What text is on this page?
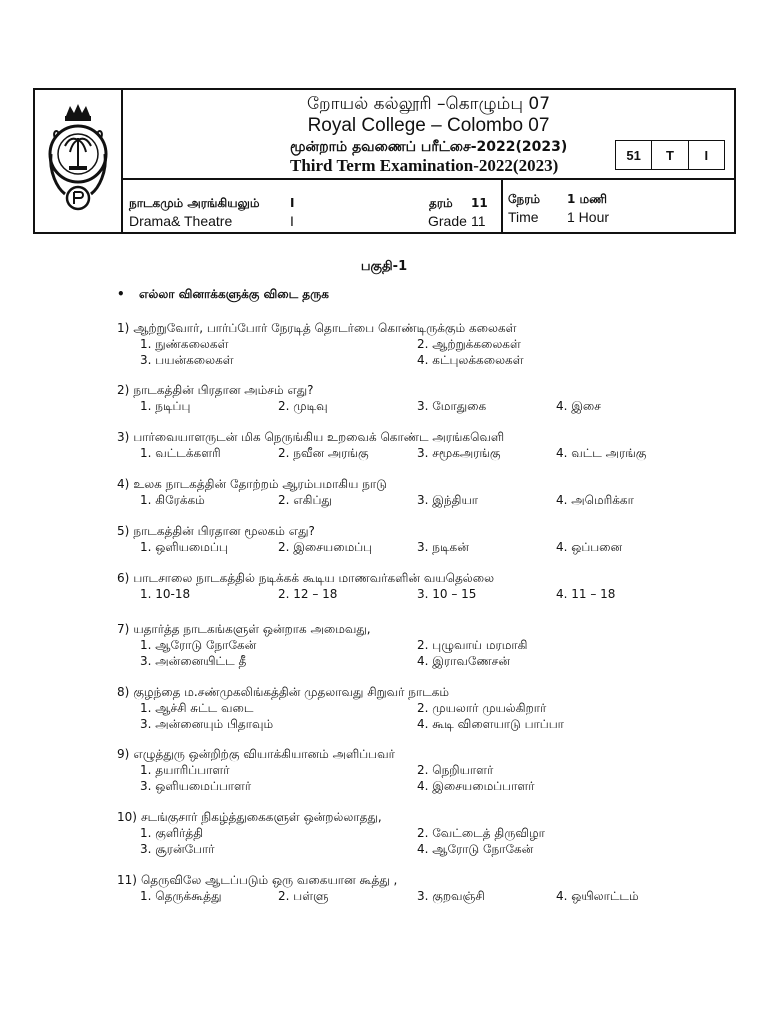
றோயல் கல்லூரி –கொழும்பு 07
Royal College – Colombo 07
மூன்றாம் தவணைப் பரீட்சை-2022(2023)
Third Term Examination-2022(2023)
51	T	I
நாடகமும் அரங்கியலும்
Drama& Theatre
I
I
தரம் 11
Grade 11
நேரம் 1 மணி
Time 1 Hour
பகுதி-1
• எல்லா வினாக்களுக்கு விடை தருக
1) ஆற்றுவோர், பார்ப்போர் நேரடித் தொடர்பை கொண்டிருக்கும் கலைகள்
1. நுண்கலைகள்	2. ஆற்றுக்கலைகள்
3. பயன்கலைகள்	4. கட்புலக்கலைகள்
2) நாடகத்தின் பிரதான அம்சம் எது?
1. நடிப்பு	2. முடிவு	3. மோதுகை	4. இசை
3) பார்வையாளருடன் மிக நெருங்கிய உறவைக் கொண்ட அரங்கவெளி
1. வட்டக்களரி	2. நவீன அரங்கு	3. சமூகஅரங்கு	4. வட்ட அரங்கு
4) உலக நாடகத்தின் தோற்றம் ஆரம்பமாகிய நாடு
1. கிரேக்கம்	2. எகிப்து	3. இந்தியா	4. அமெரிக்கா
5) நாடகத்தின் பிரதான மூலகம் எது?
1. ஒளியமைப்பு	2. இசையமைப்பு	3. நடிகன்	4. ஒப்பனை
6) பாடசாலை நாடகத்தில் நடிக்கக் கூடிய மாணவர்களின் வயதெல்லை
1. 10-18	2. 12 – 18	3. 10 – 15	4. 11 – 18
7) யதார்த்த நாடகங்களுள் ஒன்றாக அமைவது,
1. ஆரோடு நோகேன்	2. புழுவாய் மரமாகி
3. அன்னையிட்ட தீ	4. இராவணேசன்
8) குழந்தை ம.சண்முகலிங்கத்தின் முதலாவது சிறுவர் நாடகம்
1. ஆச்சி சுட்ட வடை	2. முயலார் முயல்கிறார்
3. அன்னையும் பிதாவும்	4. கூடி விளையாடு பாப்பா
9) எழுத்துரு ஒன்றிற்கு வியாக்கியானம் அளிப்பவர்
1. தயாரிப்பாளர்	2. நெறியாளர்
3. ஒளியமைப்பாளர்	4. இசையமைப்பாளர்
10) சடங்குசார் நிகழ்த்துகைகளுள் ஒன்றல்லாதது,
1. குளிர்த்தி	2. வேட்டைத் திருவிழா
3. சூரன்போர்	4. ஆரோடு நோகேன்
11) தெருவிலே ஆடப்படும் ஒரு வகையான கூத்து ,
1. தெருக்கூத்து	2. பள்ளு	3. குறவஞ்சி	4. ஒயிலாட்டம்
